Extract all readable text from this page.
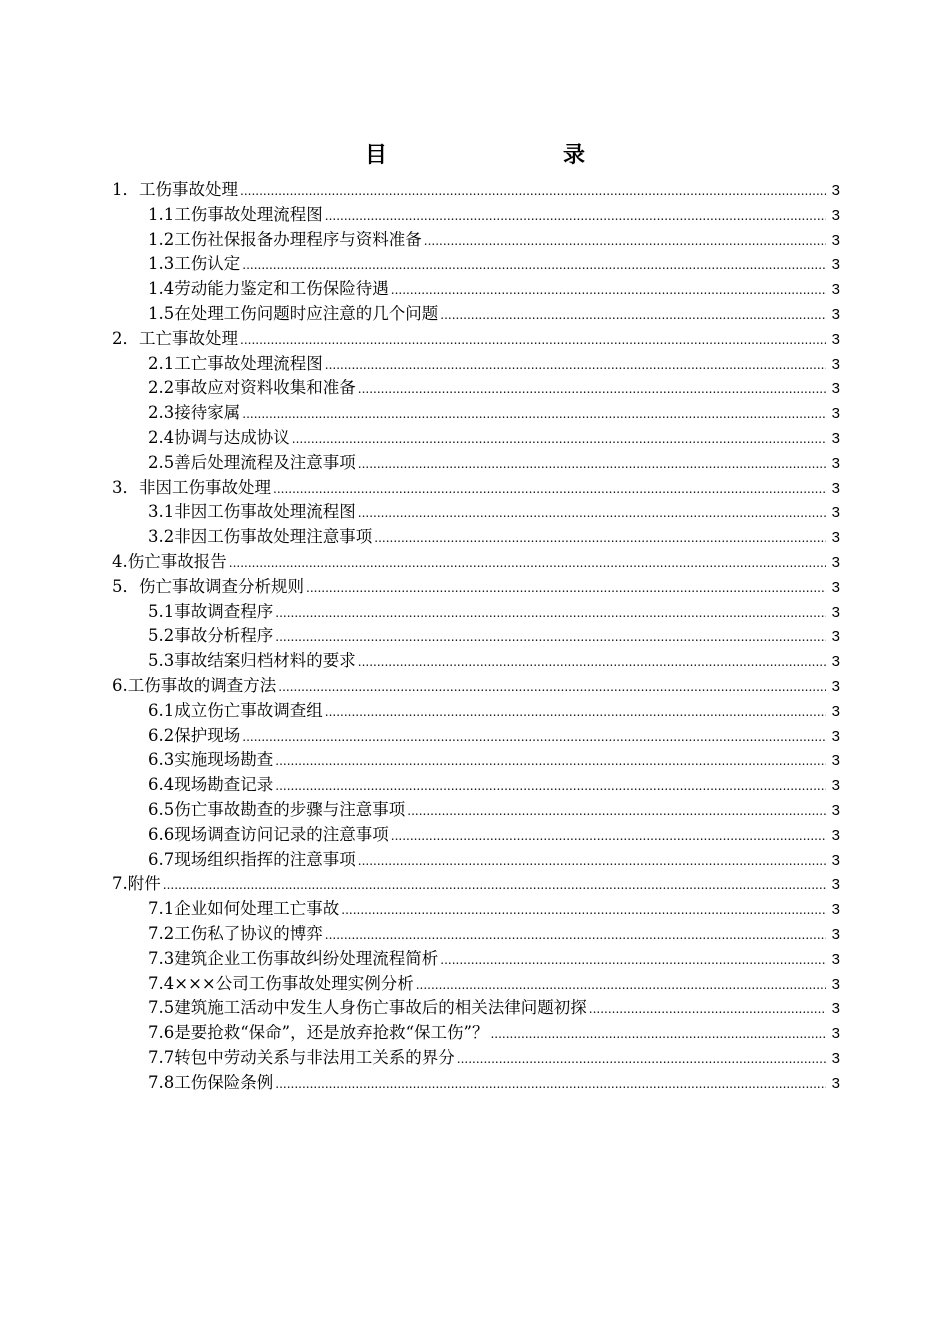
目　　录
1．工伤事故处理 .....	3
1.1工伤事故处理流程图 .....	3
1.2工伤社保报备办理程序与资料准备 .....	3
1.3工伤认定 .....	3
1.4劳动能力鉴定和工伤保险待遇 .....	3
1.5在处理工伤问题时应注意的几个问题 .....	3
2．工亡事故处理 .....	3
2.1工亡事故处理流程图 .....	3
2.2事故应对资料收集和准备 .....	3
2.3接待家属 .....	3
2.4协调与达成协议 .....	3
2.5善后处理流程及注意事项 .....	3
3．非因工伤事故处理 .....	3
3.1非因工伤事故处理流程图 .....	3
3.2非因工伤事故处理注意事项 .....	3
4.伤亡事故报告 .....	3
5．伤亡事故调查分析规则 .....	3
5.1事故调查程序 .....	3
5.2事故分析程序 .....	3
5.3事故结案归档材料的要求 .....	3
6.工伤事故的调查方法 .....	3
6.1成立伤亡事故调查组 .....	3
6.2保护现场 .....	3
6.3实施现场勘查 .....	3
6.4现场勘查记录 .....	3
6.5伤亡事故勘查的步骤与注意事项 .....	3
6.6现场调查访问记录的注意事项 .....	3
6.7现场组织指挥的注意事项 .....	3
7.附件 .....	3
7.1企业如何处理工亡事故 .....	3
7.2工伤私了协议的博弈 .....	3
7.3建筑企业工伤事故纠纷处理流程简析 .....	3
7.4×××公司工伤事故处理实例分析 .....	3
7.5建筑施工活动中发生人身伤亡事故后的相关法律问题初探 .....	3
7.6是要抢救“保命”，还是放弃抢救“保工伤”？ .....	3
7.7转包中劳动关系与非法用工关系的界分 .....	3
7.8工伤保险条例 .....	3
